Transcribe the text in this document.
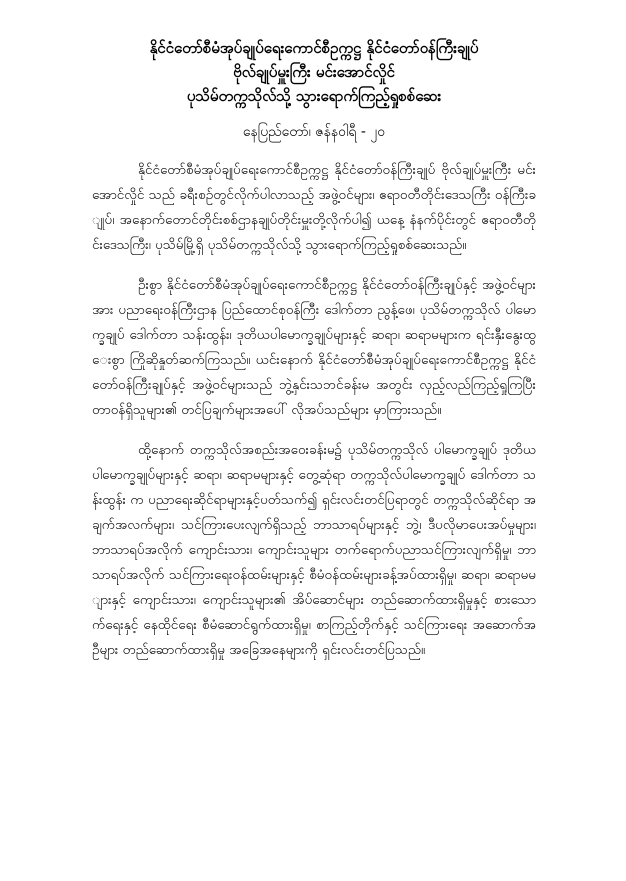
နိုင်ငံတော်စီမံအုပ်ချုပ်ရေးကောင်စီဥက္ကဋ္ဌ နိုင်ငံတော်ဝန်ကြီးချုပ်

ဗိုလ်ချုပ်မှူးကြီး မင်းအောင်လှိုင်

ပုသိမ်တက္ကသိုလ်သို့ သွားရောက်ကြည့်ရှုစစ်ဆေး

နေပြည်တော်၊ ဇန်နဝါရီ - ၂၀

နိုင်ငံတော်စီမံအုပ်ချုပ်ရေးကောင်စီဥက္ကဋ္ဌ နိုင်ငံတော်ဝန်ကြီးချုပ် ဗိုလ်ချုပ်မှူးကြီး မင်းအောင်လှိုင် သည် ခရီးစဉ်တွင်လိုက်ပါလာသည့် အဖွဲ့ဝင်များ၊ ဧရာဝတီတိုင်းဒေသကြီး ဝန်ကြီးချုပ်၊ အနောက်တောင်တိုင်းစစ်ဌာနချုပ်တိုင်းမှူးတို့လိုက်ပါ၍ ယနေ့ နံနက်ပိုင်းတွင် ဧရာဝတီတိုင်းဒေသကြီး၊ ပုသိမ်မြို့ရှိ ပုသိမ်တက္ကသိုလ်သို့ သွားရောက်ကြည့်ရှုစစ်ဆေးသည်။

ဦးစွာ နိုင်ငံတော်စီမံအုပ်ချုပ်ရေးကောင်စီဥက္ကဋ္ဌ နိုင်ငံတော်ဝန်ကြီးချုပ်နှင့် အဖွဲ့ဝင်များအား ပညာရေးဝန်ကြီးဌာန ပြည်ထောင်စုဝန်ကြီး ဒေါက်တာ ညွန့်ဖေ၊ ပုသိမ်တက္ကသိုလ် ပါမောက္ခချုပ် ဒေါက်တာ သန်းထွန်း၊ ဒုတိယပါမောက္ခချုပ်များနှင့် ဆရာ၊ ဆရာမများက ရင်းနှီးနွေးထွေးစွာ ကြိုဆိုနှုတ်ဆက်ကြသည်။ ယင်းနောက် နိုင်ငံတော်စီမံအုပ်ချုပ်ရေးကောင်စီဥက္ကဋ္ဌ နိုင်ငံတော်ဝန်ကြီးချုပ်နှင့် အဖွဲ့ဝင်များသည် ဘွဲ့နှင်းသဘင်ခန်းမ အတွင်း လှည့်လည်ကြည့်ရှုကြပြီး တာဝန်ရှိသူများ၏ တင်ပြချက်များအပေါ် လိုအပ်သည်များ မှာကြားသည်။

ထို့နောက် တက္ကသိုလ်အစည်းအဝေးခန်းမ၌ ပုသိမ်တက္ကသိုလ် ပါမောက္ခချုပ် ဒုတိယပါမောက္ခချုပ်များနှင့် ဆရာ၊ ဆရာမများနှင့် တွေ့ဆုံရာ တက္ကသိုလ်ပါမောက္ခချုပ် ဒေါက်တာ သန်းထွန်း က ပညာရေးဆိုင်ရာများနှင့်ပတ်သက်၍ ရှင်းလင်းတင်ပြရာတွင် တက္ကသိုလ်ဆိုင်ရာ အချက်အလက်များ၊ သင်ကြားပေးလျက်ရှိသည့် ဘာသာရပ်များနှင့် ဘွဲ့၊ ဒီပလိုမာပေးအပ်မှုများ၊ ဘာသာရပ်အလိုက် ကျောင်းသား၊ ကျောင်းသူများ တက်ရောက်ပညာသင်ကြားလျက်ရှိမှု၊ ဘာသာရပ်အလိုက် သင်ကြားရေးဝန်ထမ်းများနှင့် စီမံဝန်ထမ်းများခန့်အပ်ထားရှိမှု၊ ဆရာ၊ ဆရာမများနှင့် ကျောင်းသား၊ ကျောင်းသူများ၏ အိပ်ဆောင်များ တည်ဆောက်ထားရှိမှုနှင့် စား‌သောက်ရေးနှင့် နေထိုင်ရေး စီမံဆောင်ရွက်ထားရှိမှု၊ စာကြည့်တိုက်နှင့် သင်ကြားရေး အဆောက်အဦများ တည်ဆောက်ထားရှိမှု အခြေအနေများကို ရှင်းလင်းတင်ပြသည်။
